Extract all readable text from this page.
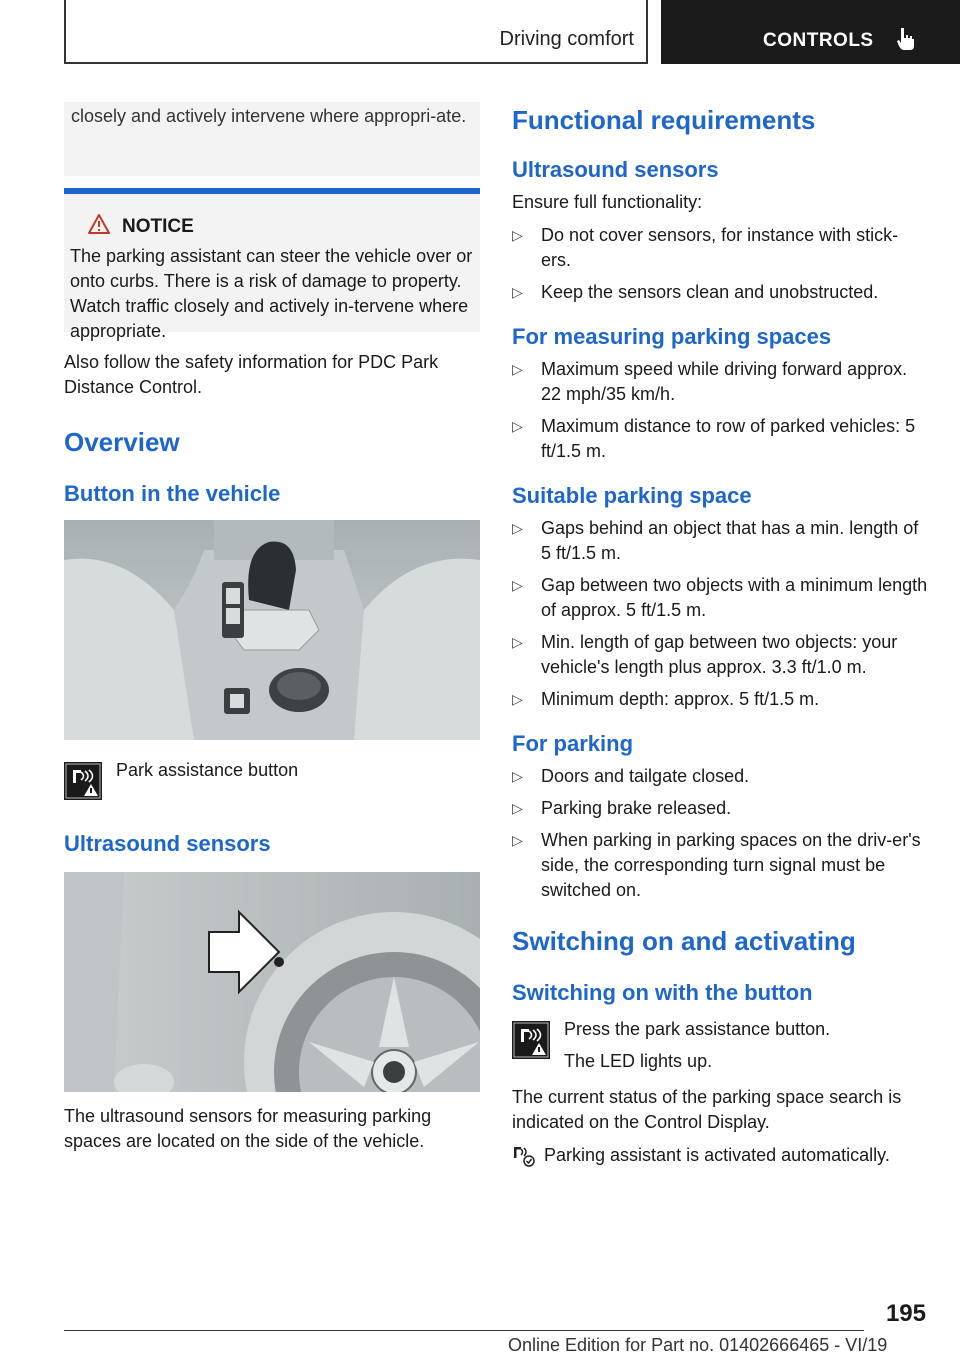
Driving comfort	CONTROLS

closely and actively intervene where appropri-ate.

NOTICE

The parking assistant can steer the vehicle over or onto curbs. There is a risk of damage to property. Watch traffic closely and actively in-tervene where appropriate.

Also follow the safety information for PDC Park Distance Control.

Overview
Button in the vehicle
Park assistance button
Ultrasound sensors

The ultrasound sensors for measuring parking spaces are located on the side of the vehicle.

Functional requirements
Ultrasound sensors

Ensure full functionality:

▷ Do not cover sensors, for instance with stick-ers.
▷ Keep the sensors clean and unobstructed.
For measuring parking spaces
▷ Maximum speed while driving forward approx. 22 mph/35 km/h.
▷ Maximum distance to row of parked vehicles: 5 ft/1.5 m.
Suitable parking space
▷ Gaps behind an object that has a min. length of 5 ft/1.5 m.
▷ Gap between two objects with a minimum length of approx. 5 ft/1.5 m.
▷ Min. length of gap between two objects: your vehicle's length plus approx. 3.3 ft/1.0 m.
▷ Minimum depth: approx. 5 ft/1.5 m.
For parking
▷ Doors and tailgate closed.
▷ Parking brake released.
▷ When parking in parking spaces on the driv-er's side, the corresponding turn signal must be switched on.
Switching on and activating
Switching on with the button

Press the park assistance button.

The LED lights up.

The current status of the parking space search is indicated on the Control Display.

Parking assistant is activated automatically.
195
Online Edition for Part no. 01402666465 - VI/19
